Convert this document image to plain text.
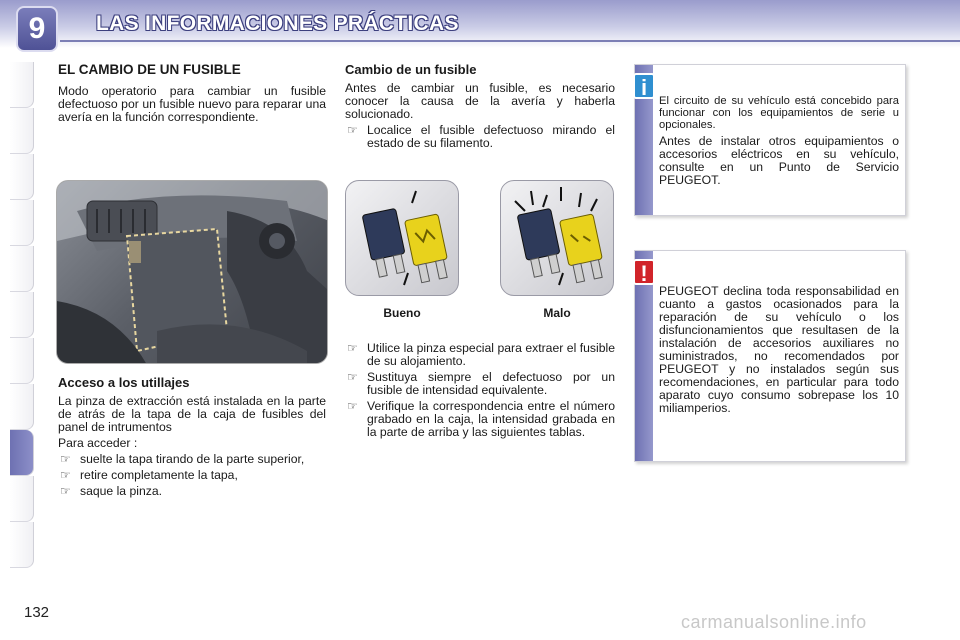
9	LAS INFORMACIONES PRÁCTICAS
EL CAMBIO DE UN FUSIBLE

Modo operatorio para cambiar un fusible defectuoso por un fusible nuevo para reparar una avería en la función correspondiente.

Acceso a los utillajes

La pinza de extracción está instalada en la parte de atrás de la tapa de la caja de fusibles del panel de intrumentos

Para acceder :

☞ suelte la tapa tirando de la parte superior,
☞ retire completamente la tapa,
☞ saque la pinza.
Cambio de un fusible

Antes de cambiar un fusible, es necesario conocer la causa de la avería y haberla solucionado.

☞ Localice el fusible defectuoso mirando el estado de su filamento.
Bueno	Malo
☞ Utilice la pinza especial para extraer el fusible de su alojamiento.
☞ Sustituya siempre el defectuoso por un fusible de intensidad equivalente.
☞ Verifique la correspondencia entre el número grabado en la caja, la intensidad grabada en la parte de arriba y las siguientes tablas.
i

El circuito de su vehículo está concebido para funcionar con los equipamientos de serie u opcionales.

Antes de instalar otros equipamientos o accesorios eléctricos en su vehículo, consulte en un Punto de Servicio PEUGEOT.

!

PEUGEOT declina toda responsabilidad en cuanto a gastos ocasionados para la reparación de su vehículo o los disfuncionamientos que resultasen de la instalación de accesorios auxiliares no suministrados, no recomendados por PEUGEOT y no instalados según sus recomendaciones, en particular para todo aparato cuyo consumo sobrepase los 10 miliamperios.

132	carmanualsonline.info
